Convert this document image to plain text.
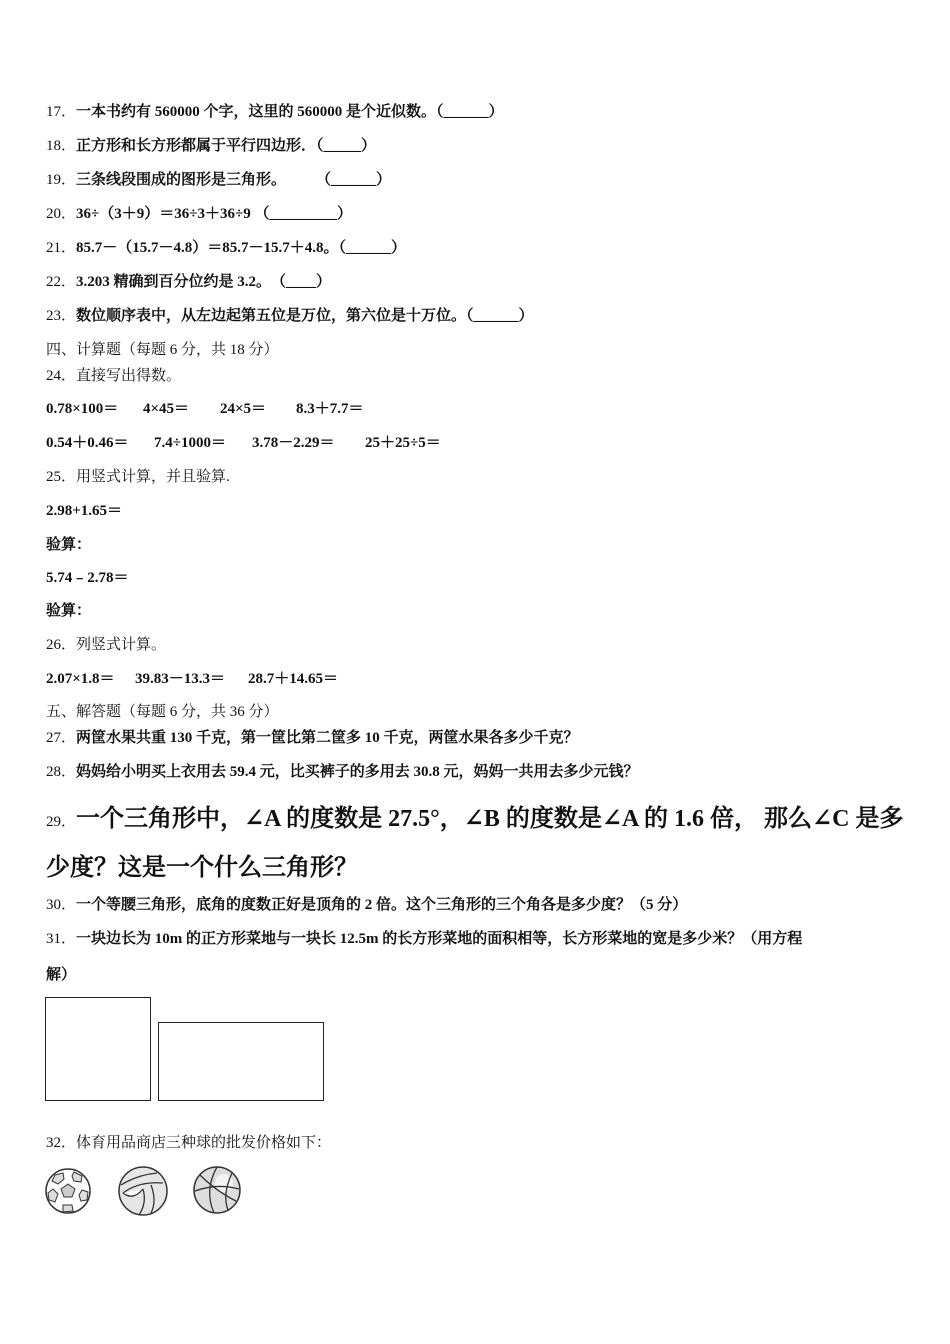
17．一本书约有 560000 个字，这里的 560000 是个近似数。（______）
18．正方形和长方形都属于平行四边形．（_____）
19．三条线段围成的图形是三角形。　　　（______）
20．36÷（3＋9）＝36÷3＋36÷9 （_________）
21．85.7－（15.7－4.8）＝85.7－15.7＋4.8。（______）
22．3.203 精确到百分位约是 3.2。　（____）
23．数位顺序表中，从左边起第五位是万位，第六位是十万位。（______）
四、计算题（每题 6 分，共 18 分）
24．直接写出得数。
0.78×100＝ 4×45＝ 24×5＝ 8.3＋7.7＝
0.54＋0.46＝ 7.4÷1000＝ 3.78－2.29＝ 25＋25÷5＝
25．用竖式计算，并且验算.
2.98+1.65＝
验算：
5.74﹣2.78＝
验算：
26．列竖式计算。
2.07×1.8＝ 39.83－13.3＝ 28.7＋14.65＝
五、解答题（每题 6 分，共 36 分）
27．两筐水果共重 130 千克，第一筐比第二筐多 10 千克，两筐水果各多少千克？
28．妈妈给小明买上衣用去 59.4 元，比买裤子的多用去 30.8 元，妈妈一共用去多少元钱？
29．一个三角形中，∠A 的度数是 27.5°，∠B 的度数是∠A 的 1.6 倍， 那么∠C 是多
少度？这是一个什么三角形？
30．一个等腰三角形，底角的度数正好是顶角的 2 倍。这个三角形的三个角各是多少度？（5 分）
31．一块边长为 10m 的正方形菜地与一块长 12.5m 的长方形菜地的面积相等，长方形菜地的宽是多少米？（用方程
解）
32．体育用品商店三种球的批发价格如下：
